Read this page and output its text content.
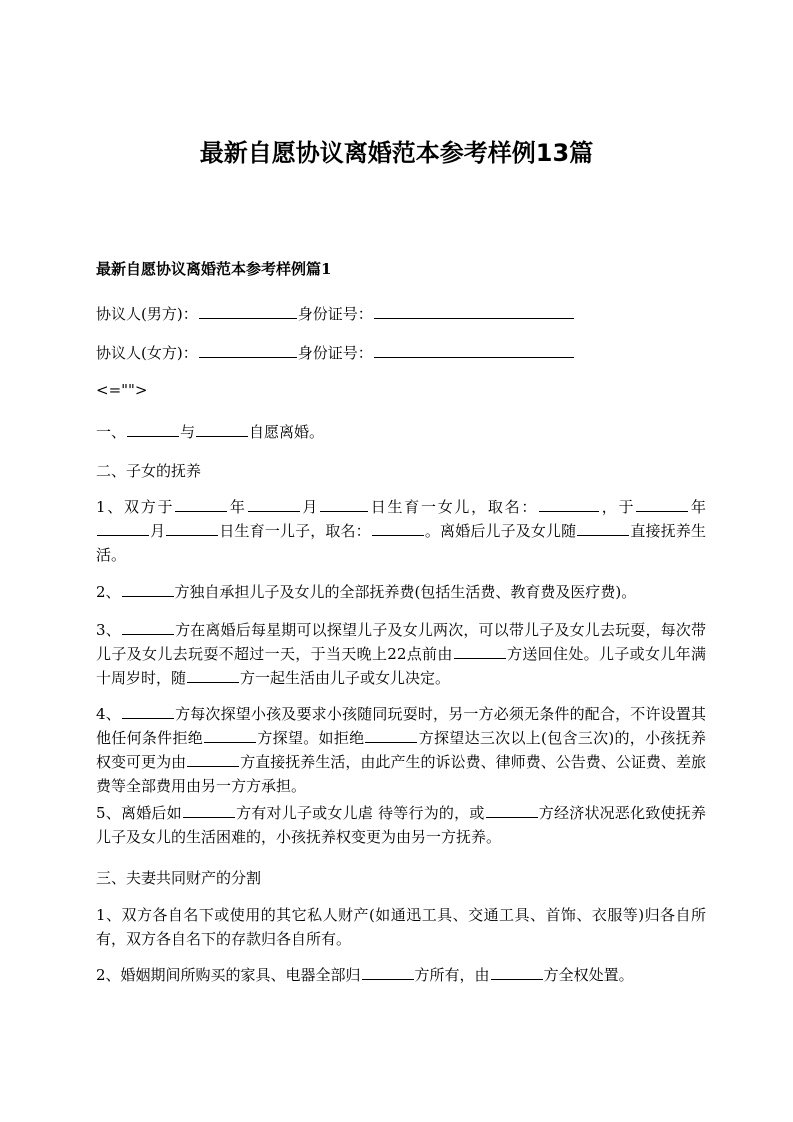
最新自愿协议离婚范本参考样例13篇
最新自愿协议离婚范本参考样例篇1

协议人(男方)：	身份证号：

协议人(女方)：	身份证号：

<="">

一、	与	自愿离婚。

二、子女的抚养

1、双方于	年	月	日生育一女儿，取名：	，于	年月	日生育一儿子，取名：	。离婚后儿子及女儿随	直接抚养生活。

2、	方独自承担儿子及女儿的全部抚养费(包括生活费、教育费及医疗费)。

3、	方在离婚后每星期可以探望儿子及女儿两次，可以带儿子及女儿去玩耍，每次带儿子及女儿去玩耍不超过一天，于当天晚上22点前由	方送回住处。儿子或女儿年满十周岁时，随	方一起生活由儿子或女儿决定。

4、	方每次探望小孩及要求小孩随同玩耍时，另一方必须无条件的配合，不许设置其他任何条件拒绝	方探望。如拒绝	方探望达三次以上(包含三次)的，小孩抚养权变可更为由	方直接抚养生活，由此产生的诉讼费、律师费、公告费、公证费、差旅费等全部费用由另一方方承担。

5、离婚后如	方有对儿子或女儿虐 待等行为的，或	方经济状况恶化致使抚养儿子及女儿的生活困难的，小孩抚养权变更为由另一方抚养。

三、夫妻共同财产的分割

1、双方各自名下或使用的其它私人财产(如通迅工具、交通工具、首饰、衣服等)归各自所有，双方各自名下的存款归各自所有。

2、婚姻期间所购买的家具、电器全部归	方所有，由	方全权处置。
